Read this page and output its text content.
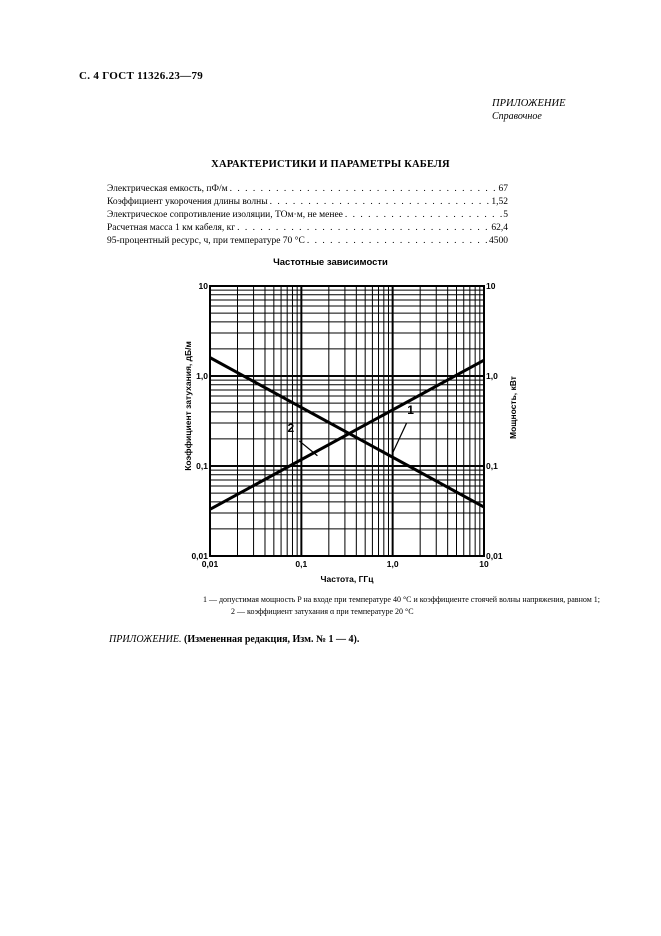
С. 4 ГОСТ 11326.23—79
ПРИЛОЖЕНИЕ
Справочное
ХАРАКТЕРИСТИКИ И ПАРАМЕТРЫ КАБЕЛЯ
Электрическая емкость, пФ/м . . .	67
Коэффициент укорочения длины волны . . .	1,52
Электрическое сопротивление изоляции, ТОм·м, не менее . . .	5
Расчетная масса 1 км кабеля, кг . . .	62,4
95-процентный ресурс, ч, при температуре 70 °С . . .	4500
Частотные зависимости
1
2
0,01	0,1	1,0	10
0,01
0,1
1,0
10
0,01
0,1
1,0
10
Частота, ГГц
Коэффициент затухания, дБ/м	Мощность, кВт
1 — допустимая мощность P на входе при температуре 40 °С и коэффициенте стоячей волны напряжения, равном 1;
2 — коэффициент затухания α при температуре 20 °С
ПРИЛОЖЕНИЕ. (Измененная редакция, Изм. № 1 — 4).
